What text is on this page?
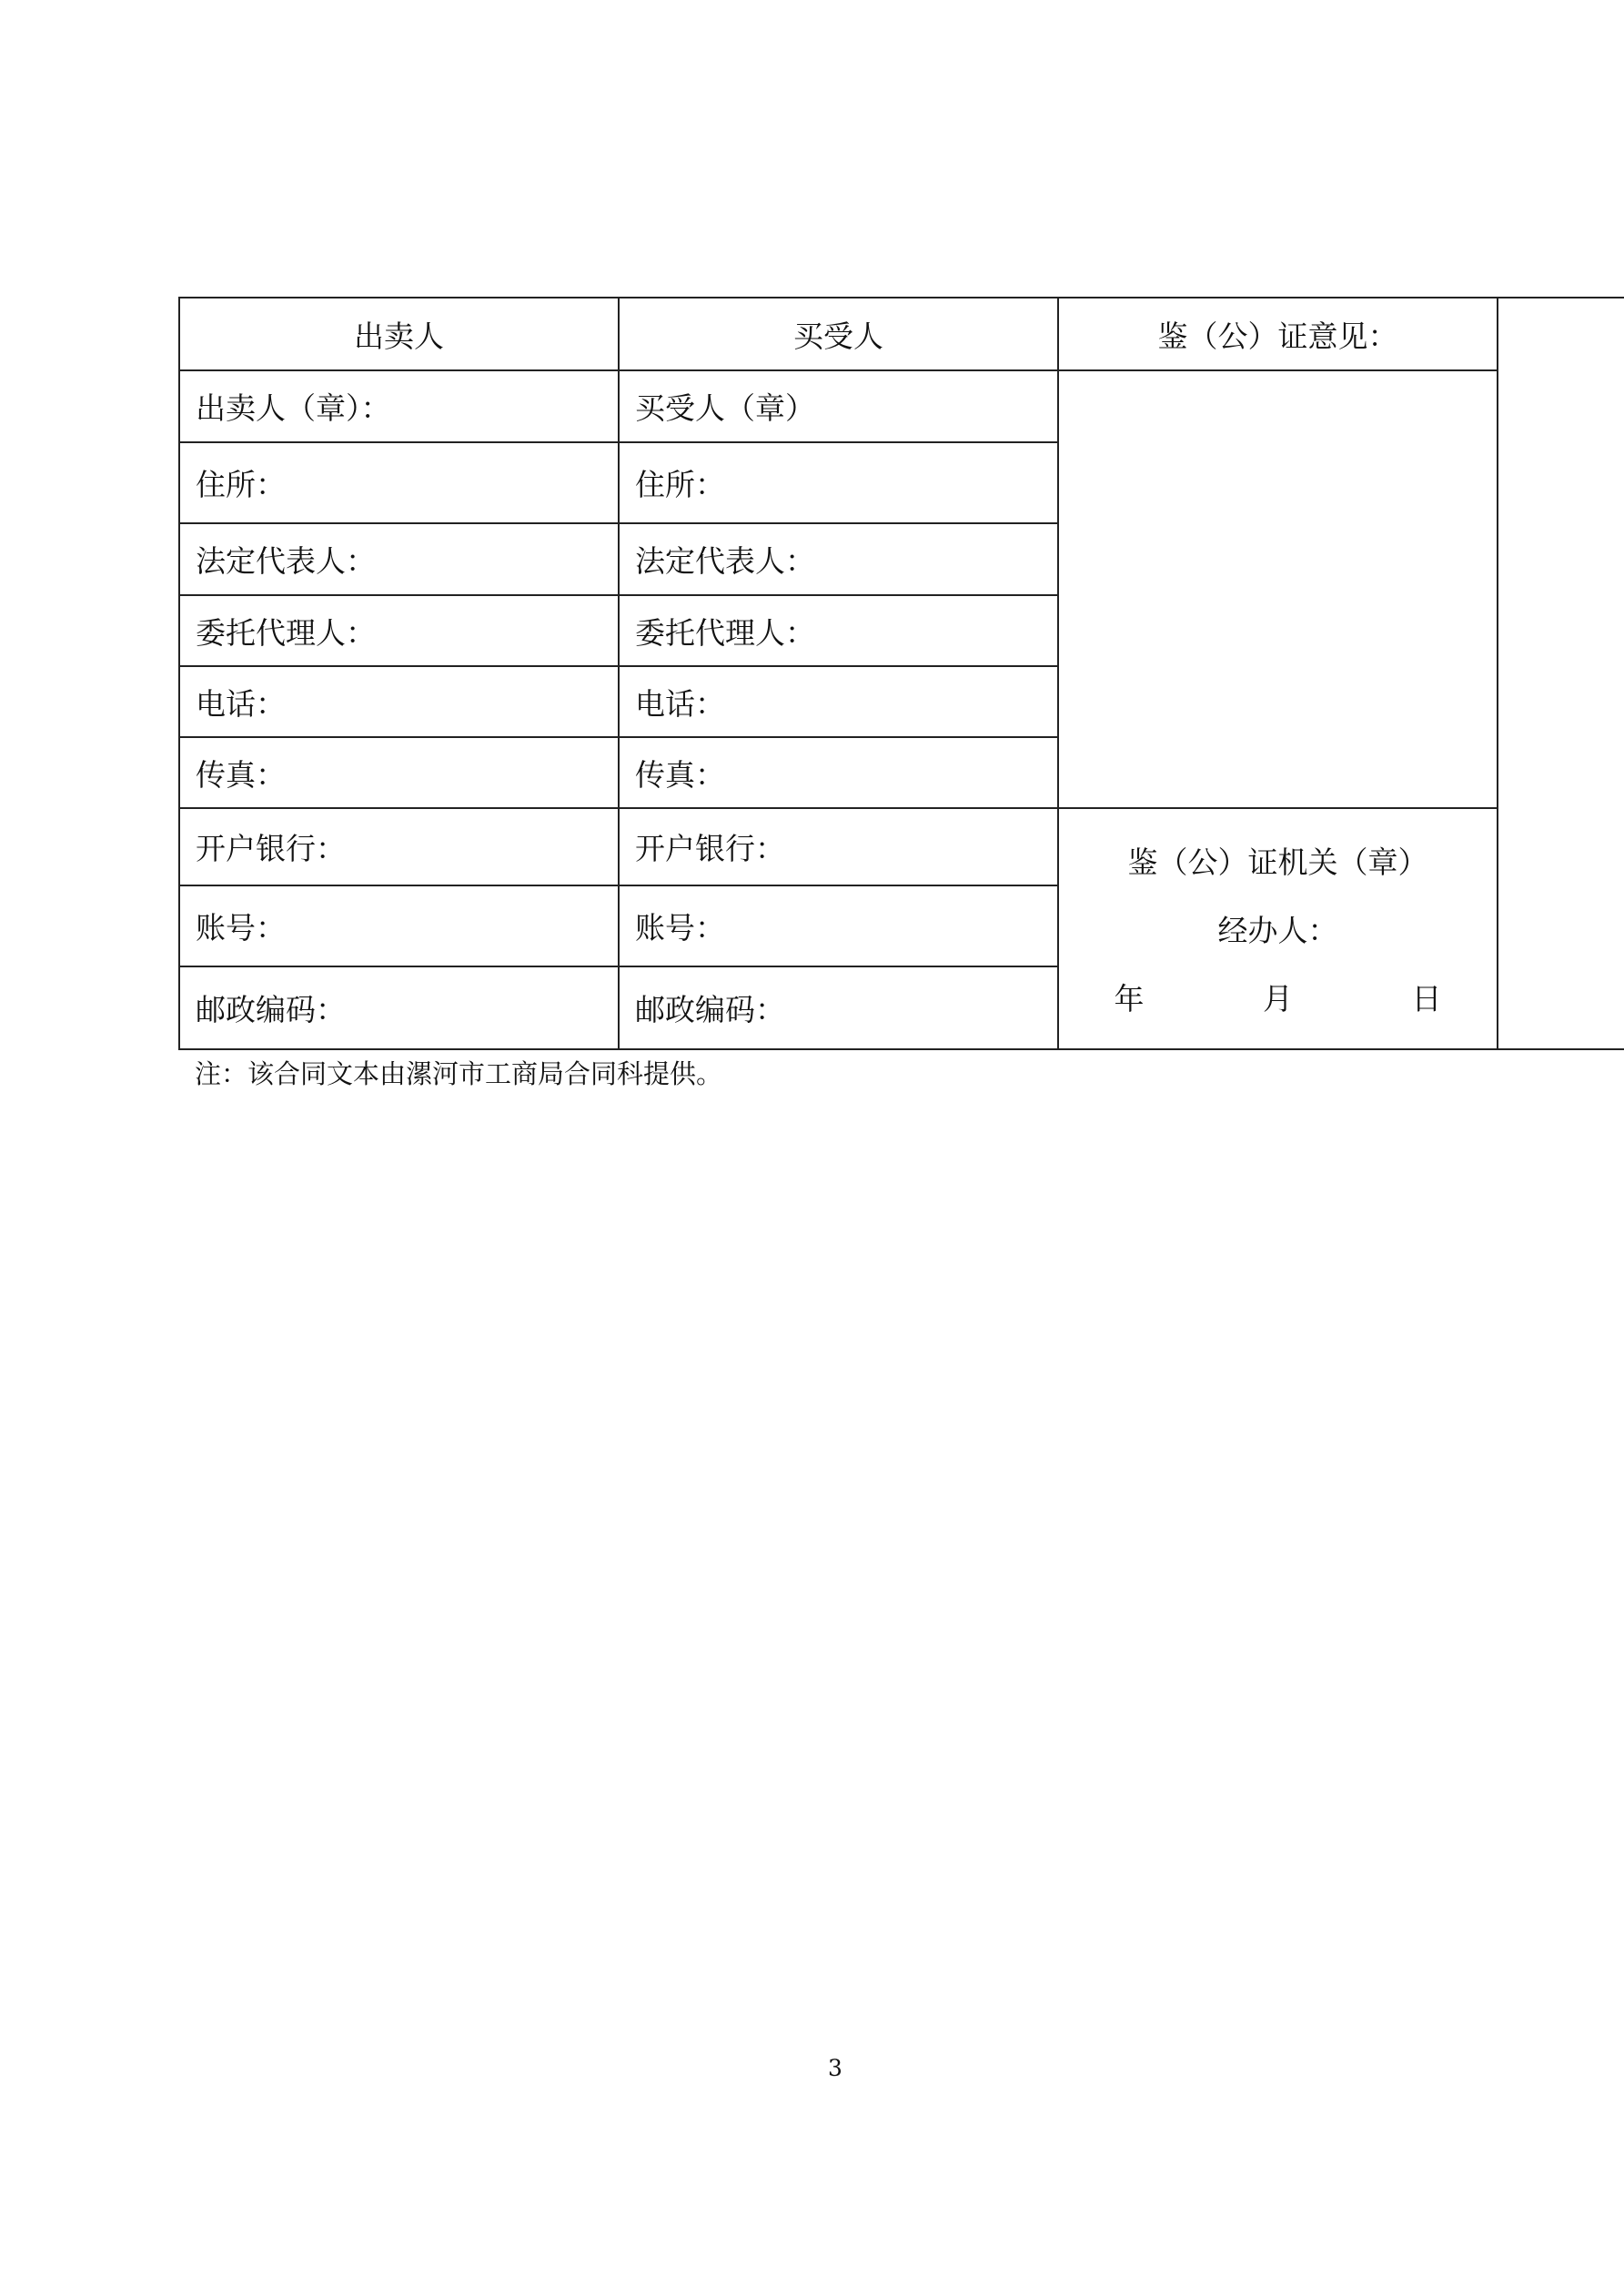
出卖人	买受人	鉴（公）证意见：	
出卖人（章）：	买受人（章）		
住所：	住所：		
法定代表人：	法定代表人：		
委托代理人：	委托代理人：		
电话：	电话：		
传真：	传真：		
开户银行：	开户银行：	鉴（公）证机关（章）
经办人：
年 月 日	

账号：	账号：		
邮政编码：	邮政编码：		
注：该合同文本由漯河市工商局合同科提供。
3
